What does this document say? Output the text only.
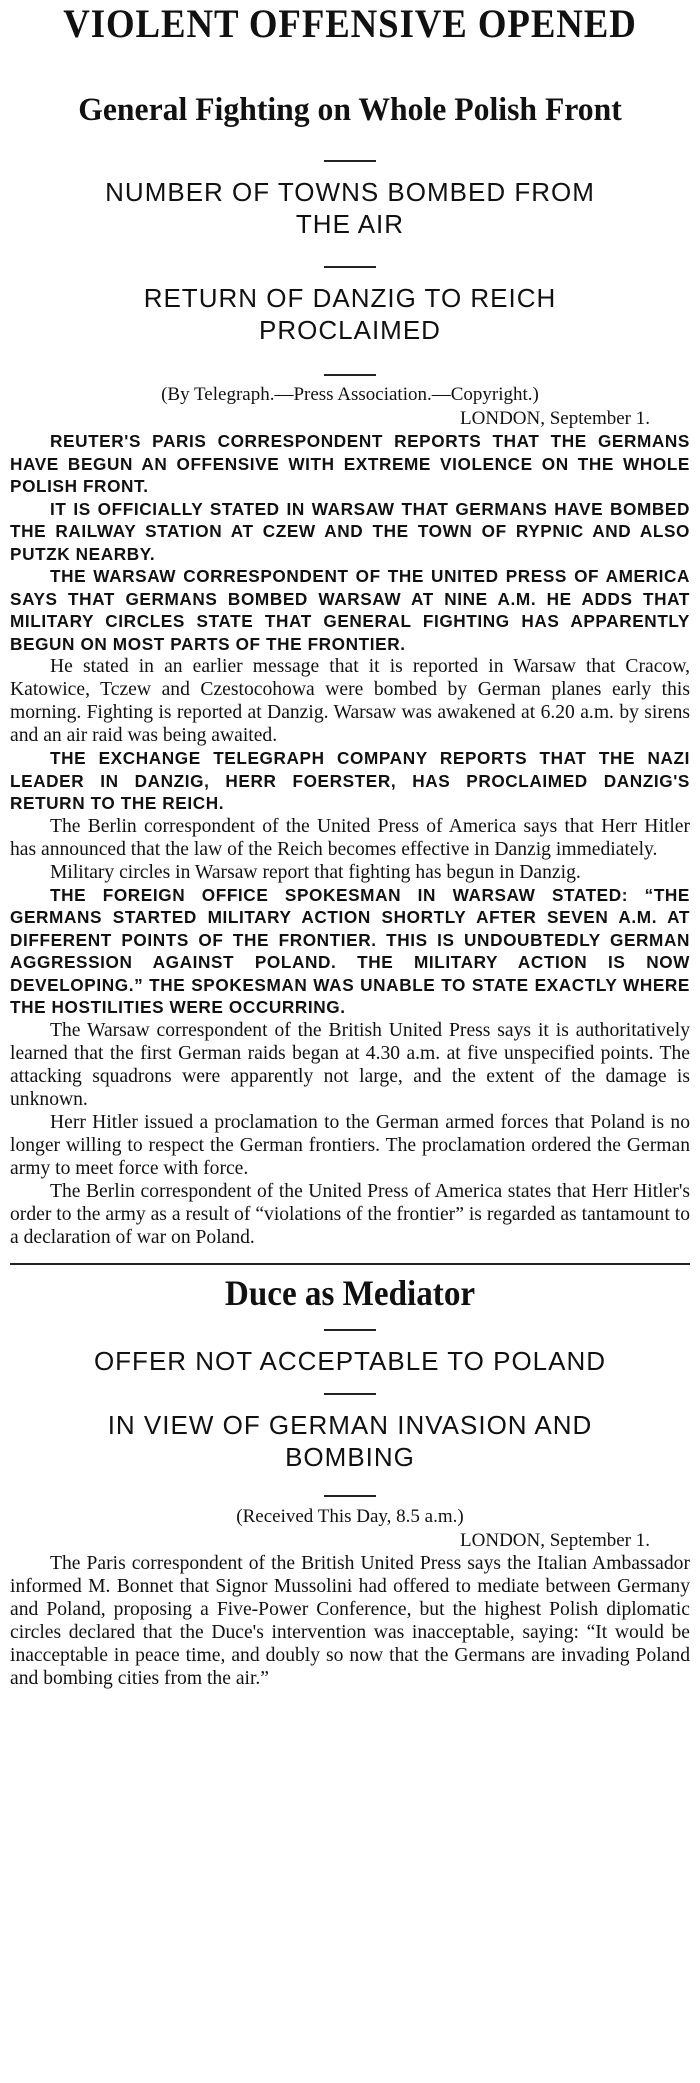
VIOLENT OFFENSIVE OPENED
General Fighting on Whole Polish Front
NUMBER OF TOWNS BOMBED FROM THE AIR
RETURN OF DANZIG TO REICH PROCLAIMED

(By Telegraph.—Press Association.—Copyright.)

LONDON, September 1.

REUTER'S PARIS CORRESPONDENT REPORTS THAT THE GERMANS HAVE BEGUN AN OFFENSIVE WITH EXTREME VIOLENCE ON THE WHOLE POLISH FRONT.

IT IS OFFICIALLY STATED IN WARSAW THAT GERMANS HAVE BOMBED THE RAILWAY STATION AT CZEW AND THE TOWN OF RYPNIC AND ALSO PUTZK NEARBY.

THE WARSAW CORRESPONDENT OF THE UNITED PRESS OF AMERICA SAYS THAT GERMANS BOMBED WARSAW AT NINE A.M. HE ADDS THAT MILITARY CIRCLES STATE THAT GENERAL FIGHTING HAS APPARENTLY BEGUN ON MOST PARTS OF THE FRONTIER.

He stated in an earlier message that it is reported in Warsaw that Cracow, Katowice, Tczew and Czestocohowa were bombed by German planes early this morning. Fighting is reported at Danzig. Warsaw was awakened at 6.20 a.m. by sirens and an air raid was being awaited.

THE EXCHANGE TELEGRAPH COMPANY REPORTS THAT THE NAZI LEADER IN DANZIG, HERR FOERSTER, HAS PROCLAIMED DANZIG'S RETURN TO THE REICH.

The Berlin correspondent of the United Press of America says that Herr Hitler has announced that the law of the Reich becomes effective in Danzig immediately.

Military circles in Warsaw report that fighting has begun in Danzig.

THE FOREIGN OFFICE SPOKESMAN IN WARSAW STATED: “THE GERMANS STARTED MILITARY ACTION SHORTLY AFTER SEVEN A.M. AT DIFFERENT POINTS OF THE FRONTIER. THIS IS UNDOUBTEDLY GERMAN AGGRESSION AGAINST POLAND. THE MILITARY ACTION IS NOW DEVELOPING.” THE SPOKESMAN WAS UNABLE TO STATE EXACTLY WHERE THE HOSTILITIES WERE OCCURRING.

The Warsaw correspondent of the British United Press says it is authoritatively learned that the first German raids began at 4.30 a.m. at five unspecified points. The attacking squadrons were apparently not large, and the extent of the damage is unknown.

Herr Hitler issued a proclamation to the German armed forces that Poland is no longer willing to respect the German frontiers. The proclamation ordered the German army to meet force with force.

The Berlin correspondent of the United Press of America states that Herr Hitler's order to the army as a result of “violations of the frontier” is regarded as tantamount to a declaration of war on Poland.

Duce as Mediator
OFFER NOT ACCEPTABLE TO POLAND
IN VIEW OF GERMAN INVASION AND BOMBING

(Received This Day, 8.5 a.m.)

LONDON, September 1.

The Paris correspondent of the British United Press says the Italian Ambassador informed M. Bonnet that Signor Mussolini had offered to mediate between Germany and Poland, proposing a Five-Power Conference, but the highest Polish diplomatic circles declared that the Duce's intervention was inacceptable, saying: “It would be inacceptable in peace time, and doubly so now that the Germans are invading Poland and bombing cities from the air.”
